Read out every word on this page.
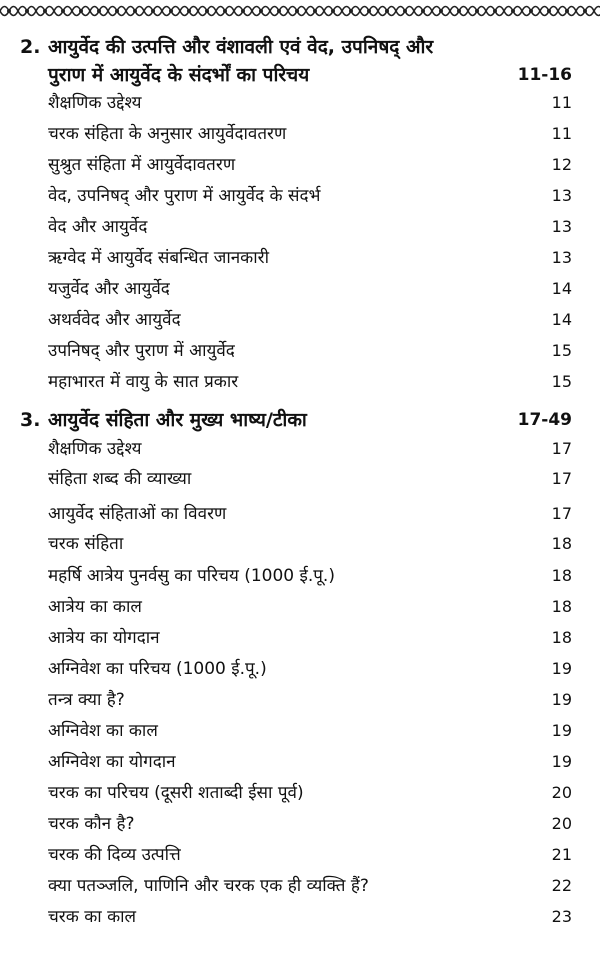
2. आयुर्वेद की उत्पत्ति और वंशावली एवं वेद, उपनिषद् और
पुराण में आयुर्वेद के संदर्भों का परिचय	11-16
शैक्षणिक उद्देश्य	11
चरक संहिता के अनुसार आयुर्वेदावतरण	11
सुश्रुत संहिता में आयुर्वेदावतरण	12
वेद, उपनिषद् और पुराण में आयुर्वेद के संदर्भ	13
वेद और आयुर्वेद	13
ऋग्वेद में आयुर्वेद संबन्धित जानकारी	13
यजुर्वेद और आयुर्वेद	14
अथर्ववेद और आयुर्वेद	14
उपनिषद् और पुराण में आयुर्वेद	15
महाभारत में वायु के सात प्रकार	15
3. आयुर्वेद संहिता और मुख्य भाष्य/टीका	17-49
शैक्षणिक उद्देश्य	17
संहिता शब्द की व्याख्या	17
आयुर्वेद संहिताओं का विवरण	17
चरक संहिता	18
महर्षि आत्रेय पुनर्वसु का परिचय (1000 ई.पू.)	18
आत्रेय का काल	18
आत्रेय का योगदान	18
अग्निवेश का परिचय (1000 ई.पू.)	19
तन्त्र क्या है?	19
अग्निवेश का काल	19
अग्निवेश का योगदान	19
चरक का परिचय (दूसरी शताब्दी ईसा पूर्व)	20
चरक कौन है?	20
चरक की दिव्य उत्पत्ति	21
क्या पतञ्जलि, पाणिनि और चरक एक ही व्यक्ति हैं?	22
चरक का काल	23
